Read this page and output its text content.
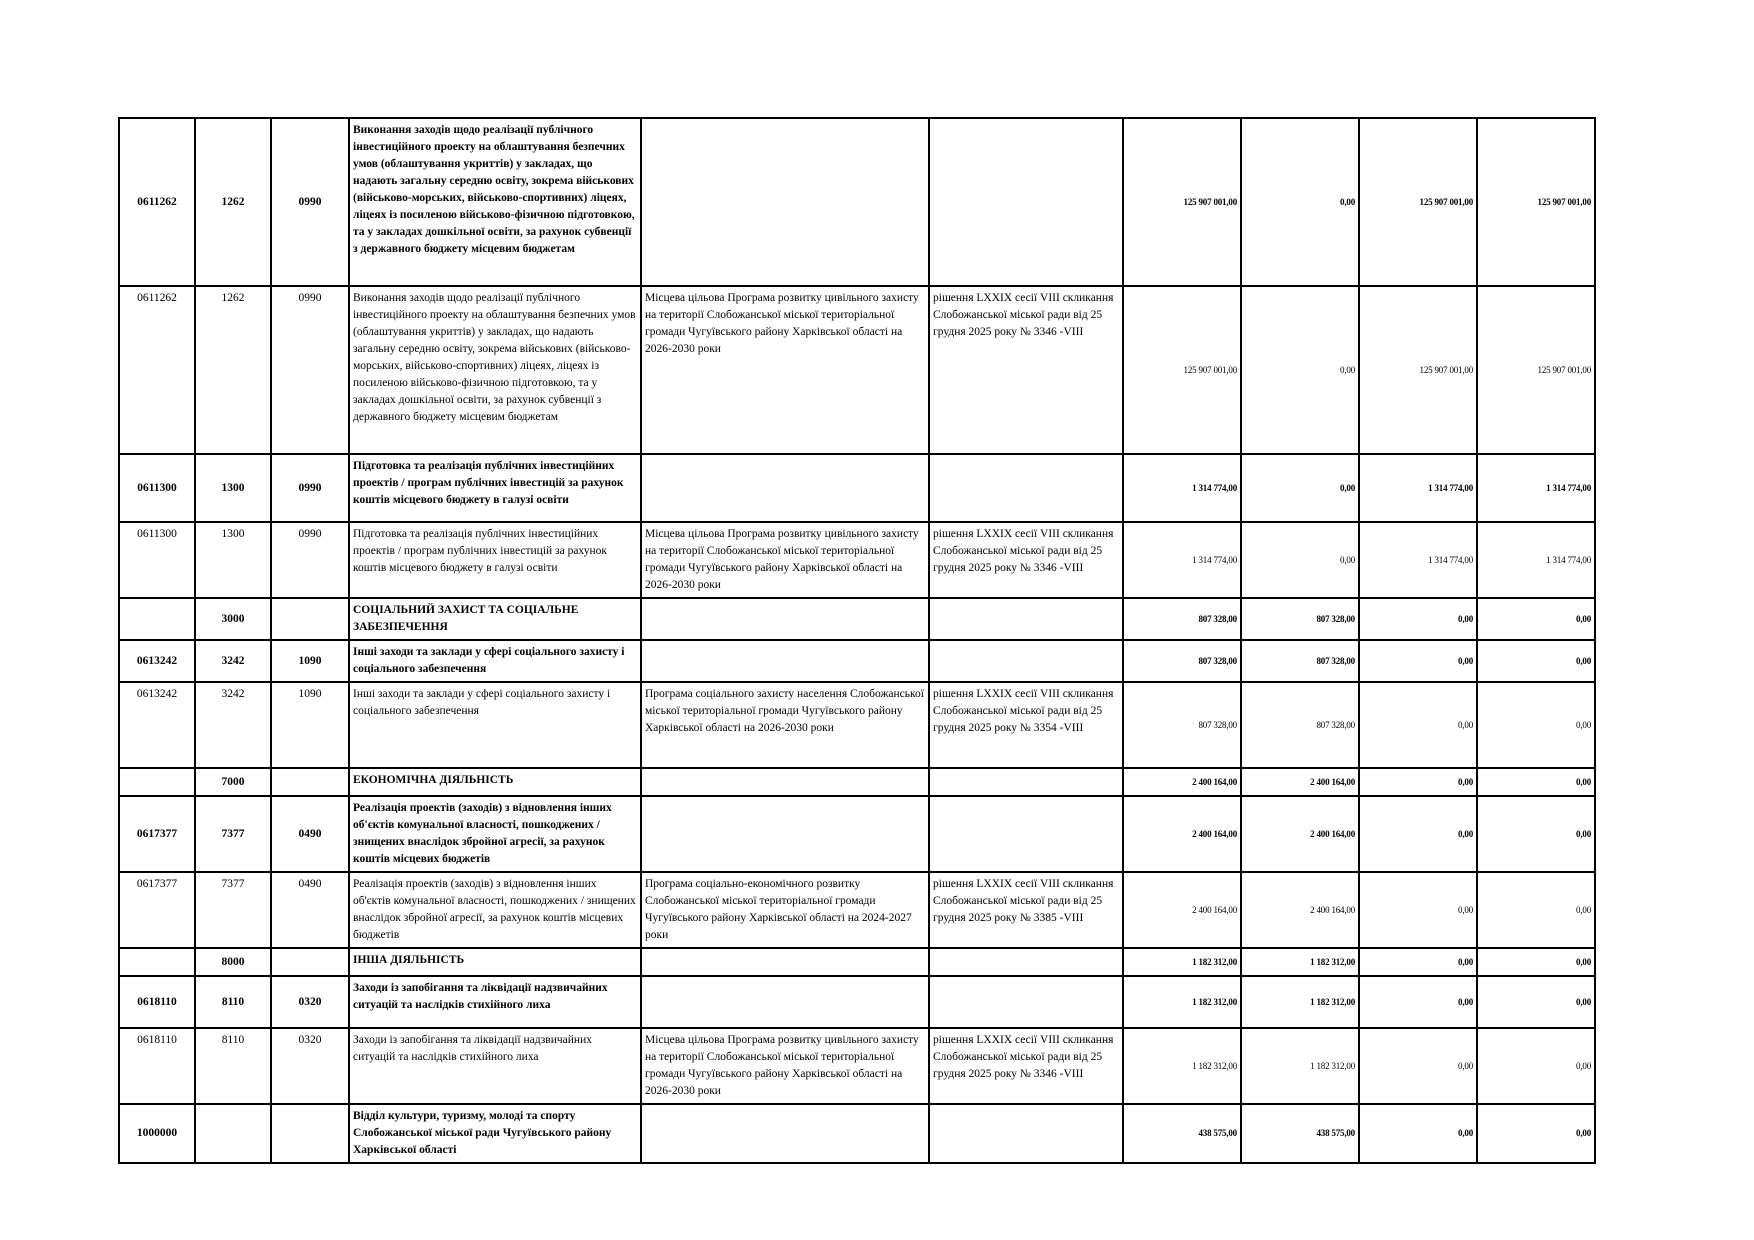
0611262	1262	0990	Виконання заходів щодо реалізації публічного інвестиційного проекту на облаштування безпечних умов (облаштування укриттів) у закладах, що надають загальну середню освіту, зокрема військових (військово-морських, військово-спортивних) ліцеях, ліцеях із посиленою військово-фізичною підготовкою, та у закладах дошкільної освіти, за рахунок субвенції з державного бюджету місцевим бюджетам			125 907 001,00	0,00	125 907 001,00	125 907 001,00
0611262	1262	0990	Виконання заходів щодо реалізації публічного інвестиційного проекту на облаштування безпечних умов (облаштування укриттів) у закладах, що надають загальну середню освіту, зокрема військових (військово-морських, військово-спортивних) ліцеях, ліцеях із посиленою військово-фізичною підготовкою, та у закладах дошкільної освіти, за рахунок субвенції з державного бюджету місцевим бюджетам	Місцева цільова Програма розвитку цивільного захисту на території Слобожанської міської територіальної громади Чугуївського району Харківської області на 2026-2030 роки	рішення LXXIX сесії VIII скликання Слобожанської міської ради від 25 грудня 2025 року № 3346 -VIII	125 907 001,00	0,00	125 907 001,00	125 907 001,00
0611300	1300	0990	Підготовка та реалізація публічних інвестиційних проектів / програм публічних інвестицій за рахунок коштів місцевого бюджету в галузі освіти			1 314 774,00	0,00	1 314 774,00	1 314 774,00
0611300	1300	0990	Підготовка та реалізація публічних інвестиційних проектів / програм публічних інвестицій за рахунок коштів місцевого бюджету в галузі освіти	Місцева цільова Програма розвитку цивільного захисту на території Слобожанської міської територіальної громади Чугуївського району Харківської області на 2026-2030 роки	рішення LXXIX сесії VIII скликання Слобожанської міської ради від 25 грудня 2025 року № 3346 -VIII	1 314 774,00	0,00	1 314 774,00	1 314 774,00
	3000		СОЦІАЛЬНИЙ ЗАХИСТ ТА СОЦІАЛЬНЕ ЗАБЕЗПЕЧЕННЯ			807 328,00	807 328,00	0,00	0,00
0613242	3242	1090	Інші заходи та заклади у сфері соціального захисту і соціального забезпечення			807 328,00	807 328,00	0,00	0,00
0613242	3242	1090	Інші заходи та заклади у сфері соціального захисту і соціального забезпечення	Програма соціального захисту населення Слобожанської міської територіальної громади Чугуївського району Харківської області на 2026-2030 роки	рішення LXXIX сесії VIII скликання Слобожанської міської ради від 25 грудня 2025 року № 3354 -VIII	807 328,00	807 328,00	0,00	0,00
	7000		ЕКОНОМІЧНА ДІЯЛЬНІСТЬ			2 400 164,00	2 400 164,00	0,00	0,00
0617377	7377	0490	Реалізація проектів (заходів) з відновлення інших об'єктів комунальної власності, пошкоджених / знищених внаслідок збройної агресії, за рахунок коштів місцевих бюджетів			2 400 164,00	2 400 164,00	0,00	0,00
0617377	7377	0490	Реалізація проектів (заходів) з відновлення інших об'єктів комунальної власності, пошкоджених / знищених внаслідок збройної агресії, за рахунок коштів місцевих бюджетів	Програма соціально-економічного розвитку Слобожанської міської територіальної громади Чугуївського району Харківської області на 2024-2027 роки	рішення LXXIX сесії VIII скликання Слобожанської міської ради від 25 грудня 2025 року № 3385 -VIII	2 400 164,00	2 400 164,00	0,00	0,00
	8000		ІНША ДІЯЛЬНІСТЬ			1 182 312,00	1 182 312,00	0,00	0,00
0618110	8110	0320	Заходи із запобігання та ліквідації надзвичайних ситуацій та наслідків стихійного лиха			1 182 312,00	1 182 312,00	0,00	0,00
0618110	8110	0320	Заходи із запобігання та ліквідації надзвичайних ситуацій та наслідків стихійного лиха	Місцева цільова Програма розвитку цивільного захисту на території Слобожанської міської територіальної громади Чугуївського району Харківської області на 2026-2030 роки	рішення LXXIX сесії VIII скликання Слобожанської міської ради від 25 грудня 2025 року № 3346 -VIII	1 182 312,00	1 182 312,00	0,00	0,00
1000000			Відділ культури, туризму, молоді та спорту Слобожанської міської ради Чугуївського району Харківської області			438 575,00	438 575,00	0,00	0,00
